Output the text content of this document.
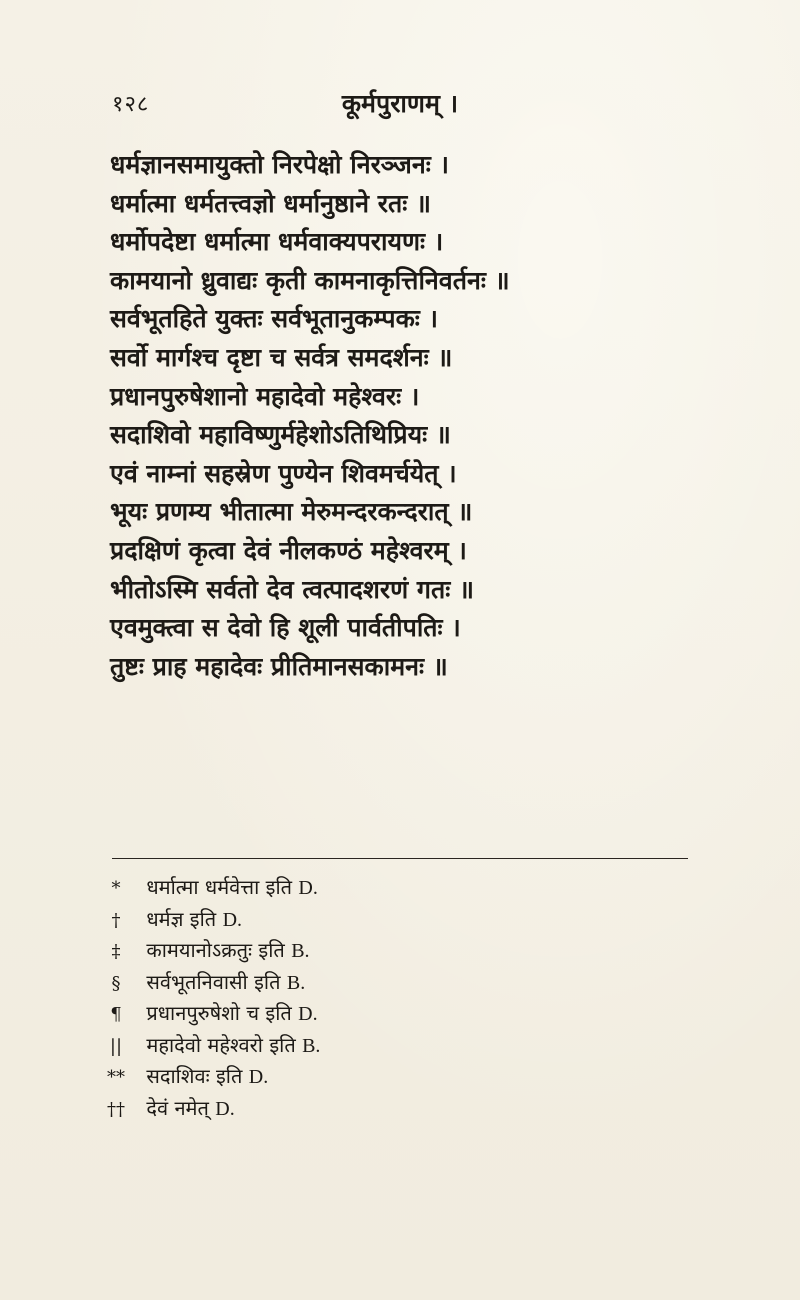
१२८	कूर्मपुराणम् ।
धर्मज्ञानसमायुक्तो निरपेक्षो निरञ्जनः ।
धर्मात्मा धर्मतत्त्वज्ञो धर्मानुष्ठाने रतः ॥
धर्मोपदेष्टा धर्मात्मा धर्मवाक्यपरायणः ।
कामयानो ध्रुवाद्यः कृती कामनाकृत्तिनिवर्तनः ॥
सर्वभूतहिते युक्तः सर्वभूतानुकम्पकः ।
सर्वो मार्गश्च दृष्टा च सर्वत्र समदर्शनः ॥
प्रधानपुरुषेशानो महादेवो महेश्वरः ।
सदाशिवो महाविष्णुर्महेशोऽतिथिप्रियः ॥
एवं नाम्नां सहस्रेण पुण्येन शिवमर्चयेत् ।
भूयः प्रणम्य भीतात्मा मेरुमन्दरकन्दरात् ॥
प्रदक्षिणं कृत्वा देवं नीलकण्ठं महेश्वरम् ।
भीतोऽस्मि सर्वतो देव त्वत्पादशरणं गतः ॥
एवमुक्त्वा स देवो हि शूली पार्वतीपतिः ।
तुष्टः प्राह महादेवः प्रीतिमानसकामनः ॥
* धर्मात्मा धर्मवेत्ता इति D.
† धर्मज्ञ इति D.
‡ कामयानोऽक्रतुः इति B.
§ सर्वभूतनिवासी इति B.
¶ प्रधानपुरुषेशो च इति D.
|| महादेवो महेश्वरो इति B.
** सदाशिवः इति D.
†† देवं नमेत् D.
